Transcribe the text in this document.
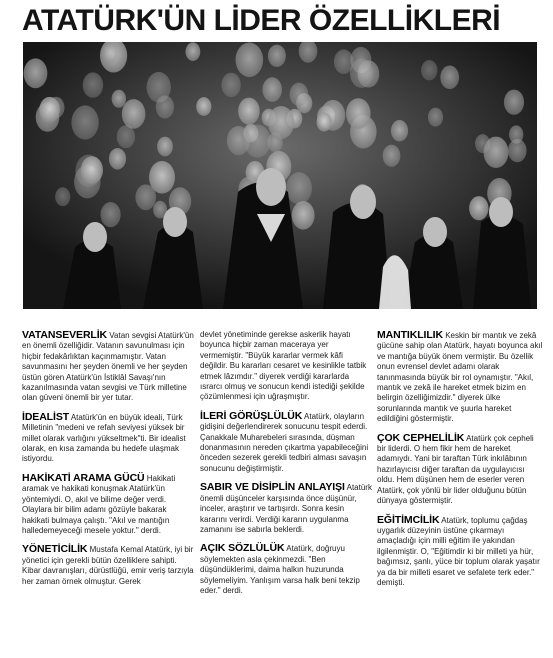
ATATÜRK'ÜN LİDER ÖZELLİKLERİ
VATANSEVERLİK Vatan sevgisi Atatürk'ün en önemli özelliğidir. Vatanın savunulması için hiçbir fedakârlıktan kaçınmamıştır. Vatan savunmasını her şeyden önemli ve her şeyden üstün gören Atatürk'ün İstiklâl Savaşı'nın kazanılmasında vatan sevgisi ve Türk milletine olan güveni önemli bir yer tutar.
İDEALİST Atatürk'ün en büyük ideali, Türk Milletinin "medeni ve refah seviyesi yüksek bir millet olarak varlığını yükseltmek"ti. Bir idealist olarak, en kısa zamanda bu hedefe ulaşmak istiyordu.
HAKİKATİ ARAMA GÜCÜ Hakikati aramak ve hakikati konuşmak Atatürk'ün yöntemiydi. O, akıl ve bilime değer verdi. Olaylara bir bilim adamı gözüyle bakarak hakikati bulmaya çalıştı. "Akıl ve mantığın halledemeyeceği mesele yoktur." derdi.
YÖNETİCİLİK Mustafa Kemal Atatürk, iyi bir yönetici için gerekli bütün özelliklere sahipti. Kibar davranışları, dürüstlüğü, emir veriş tarzıyla her zaman örnek olmuştur. Gerek
devlet yönetiminde gerekse askerlik hayatı boyunca hiçbir zaman maceraya yer vermemiştir. "Büyük kararlar vermek kâfi değildir. Bu kararları cesaret ve kesinlikle tatbik etmek lâzımdır." diyerek verdiği kararlarda ısrarcı olmuş ve sonucun kendi istediği şekilde çözümlenmesi için uğraşmıştır.
İLERİ GÖRÜŞLÜLÜK Atatürk, olayların gidişini değerlendirerek sonucunu tespit ederdi. Çanakkale Muharebeleri sırasında, düşman donanmasının nereden çıkartma yapabileceğini önceden sezerek gerekli tedbiri alması savaşın sonucunu değiştirmiştir.
SABIR VE DİSİPLİN ANLAYIŞI Atatürk önemli düşünceler karşısında önce düşünür, inceler, araştırır ve tartışırdı. Sonra kesin kararını verirdi. Verdiği kararın uygulanma zamanını ise sabırla beklerdi.
AÇIK SÖZLÜLÜK Atatürk, doğruyu söylemekten asla çekinmezdi. "Ben düşündüklerimi, daima halkın huzurunda söylemeliyim. Yanlışım varsa halk beni tekzip eder." derdi.
MANTIKLILIK Keskin bir mantık ve zekâ gücüne sahip olan Atatürk, hayatı boyunca akıl ve mantığa büyük önem vermiştir. Bu özellik onun evrensel devlet adamı olarak tanınmasında büyük bir rol oynamıştır. "Akıl, mantık ve zekâ ile hareket etmek bizim en belirgin özelliğimizdir." diyerek ülke sorunlarında mantık ve şuurla hareket edildiğini göstermiştir.
ÇOK CEPHELİLİK Atatürk çok cepheli bir liderdi. O hem fikir hem de hareket adamıydı. Yani bir taraftan Türk inkılâbının hazırlayıcısı diğer taraftan da uygulayıcısı oldu. Hem düşünen hem de eserler veren Atatürk, çok yönlü bir lider olduğunu bütün dünyaya göstermiştir.
EĞİTİMCİLİK Atatürk, toplumu çağdaş uygarlık düzeyinin üstüne çıkarmayı amaçladığı için milli eğitim ile yakından ilgilenmiştir. O, "Eğitimdir ki bir milleti ya hür, bağımsız, şanlı, yüce bir toplum olarak yaşatır ya da bir milleti esaret ve sefalete terk eder." demişti.
